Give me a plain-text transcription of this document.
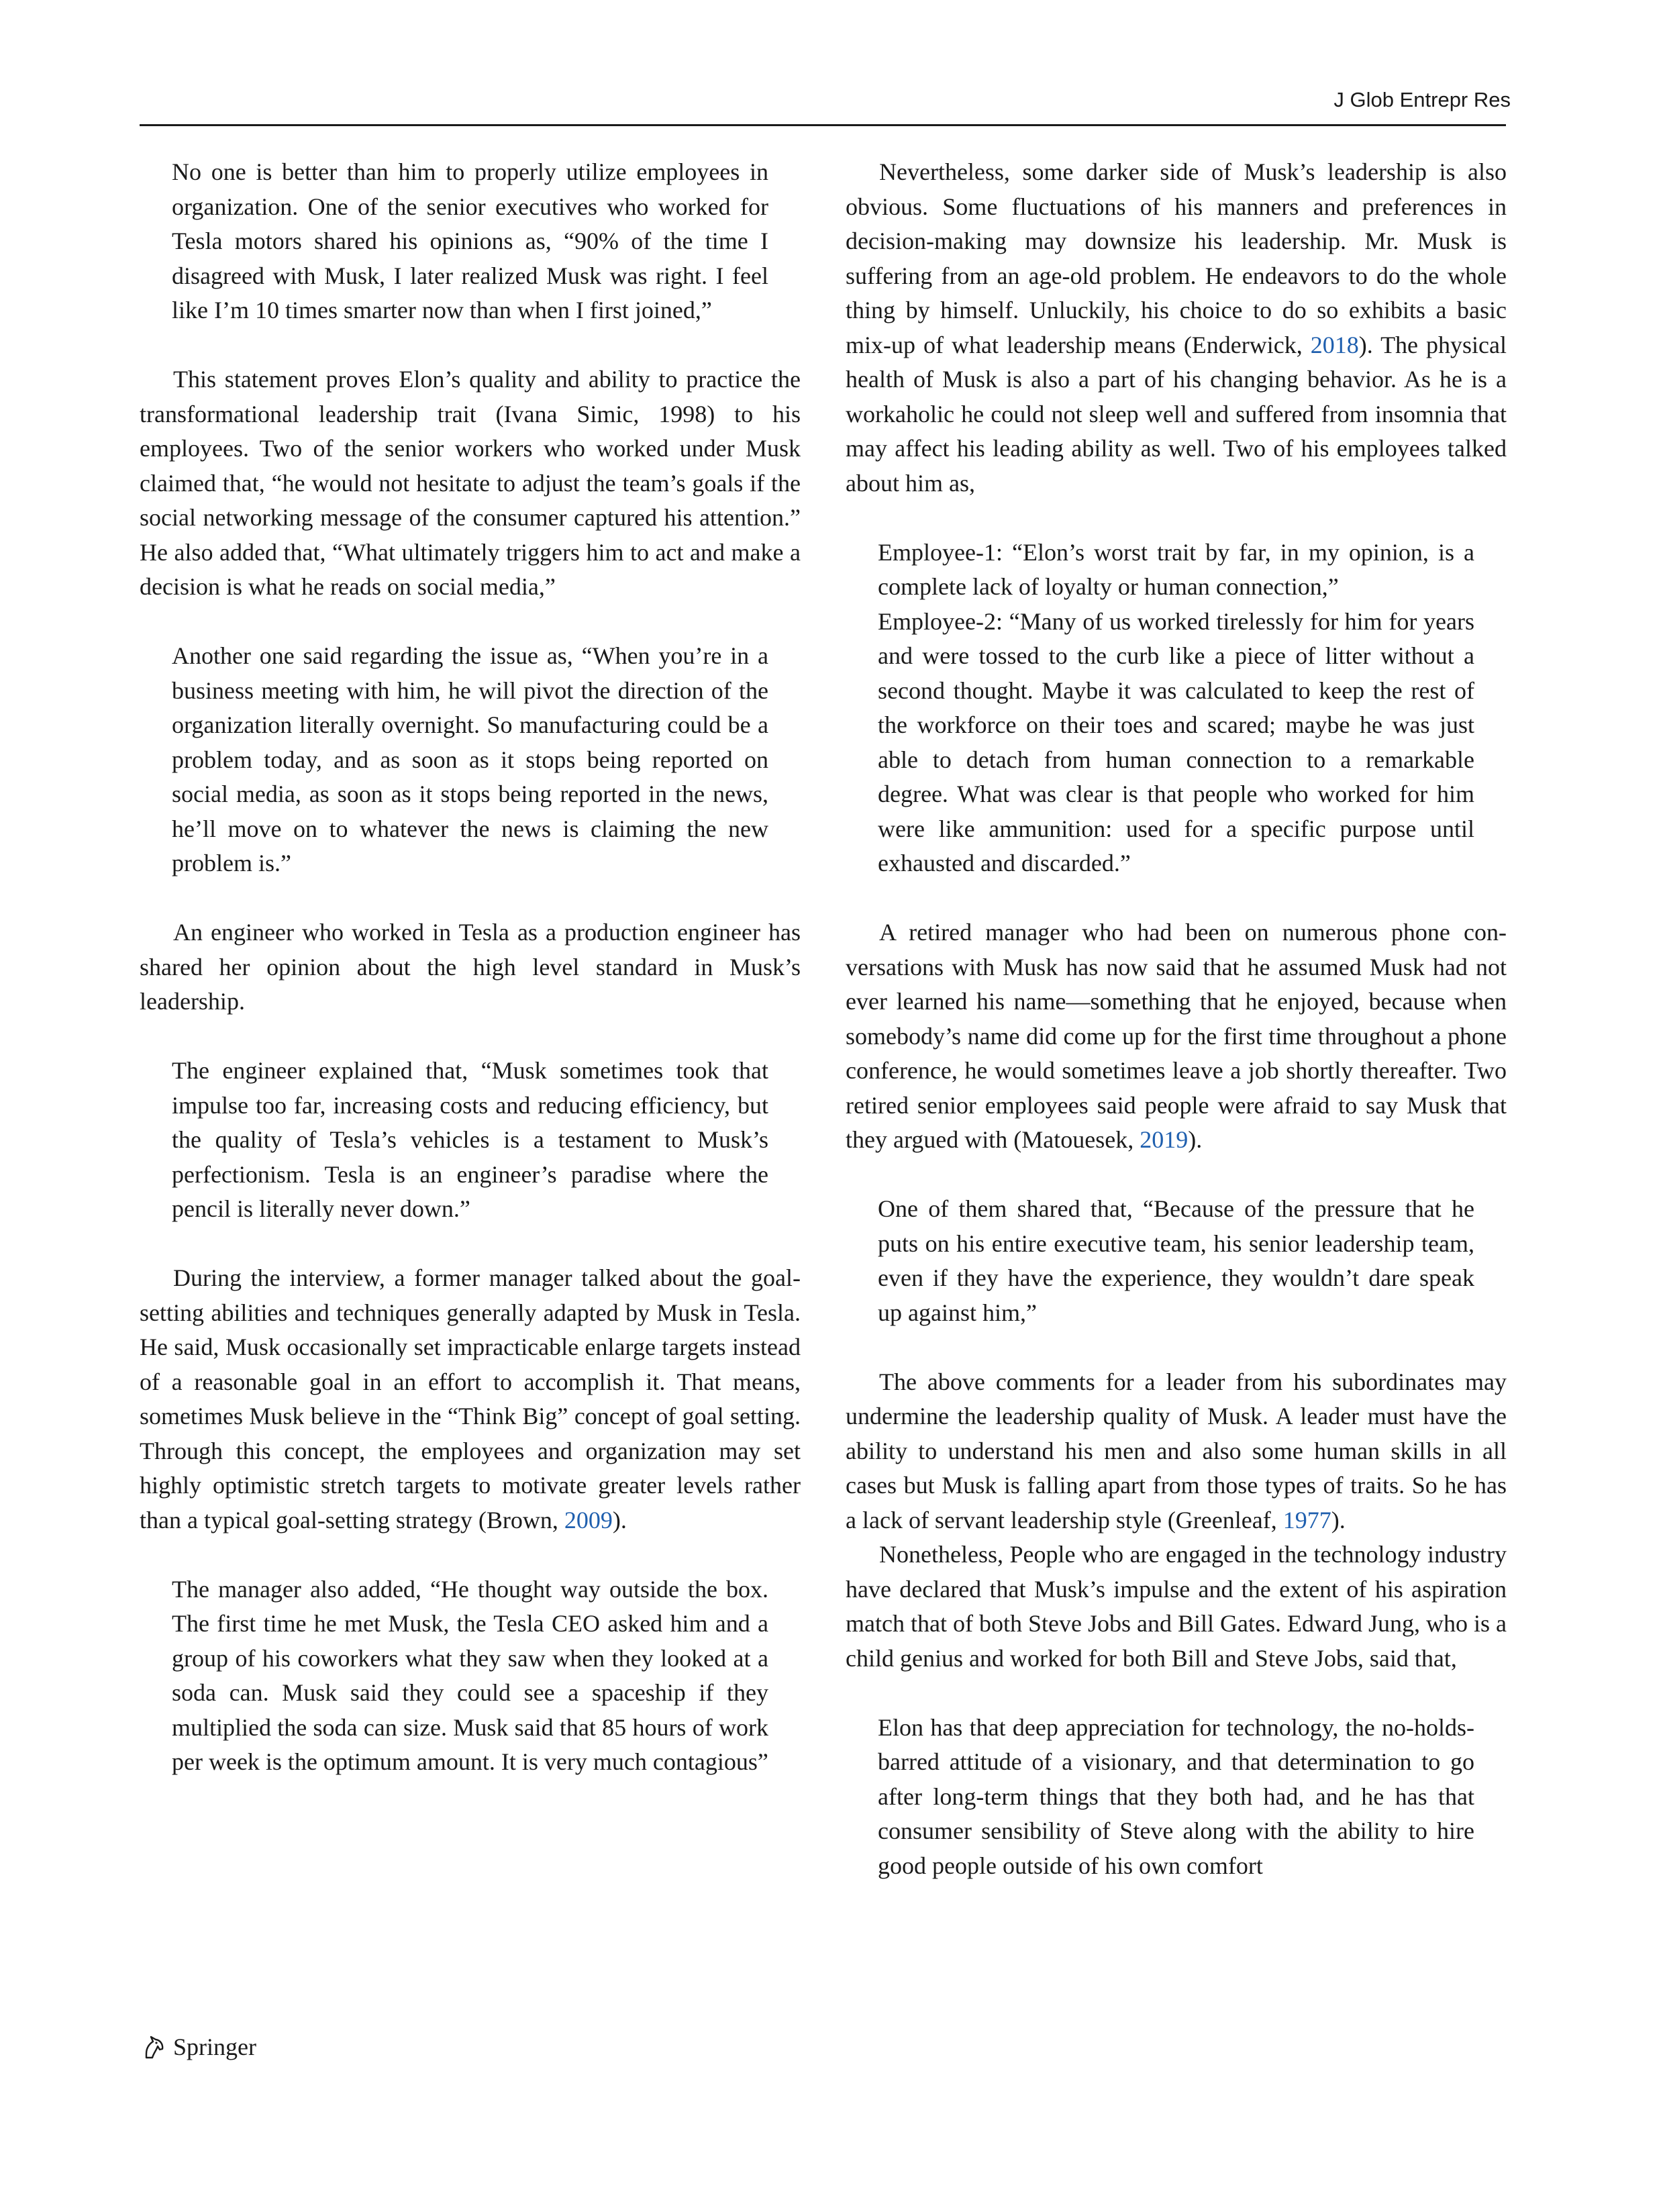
J Glob Entrepr Res

No one is better than him to properly utilize employees in organization. One of the senior executives who worked for Tesla motors shared his opinions as, “90% of the time I disagreed with Musk, I later realized Musk was right. I feel like I’m 10 times smarter now than when I first joined,”

This statement proves Elon’s quality and ability to practice the transformational leadership trait (Ivana Simic, 1998) to his employees. Two of the senior workers who worked under Musk claimed that, “he would not hesitate to adjust the team’s goals if the social networking message of the consumer captured his attention.” He also added that, “What ultimately triggers him to act and make a decision is what he reads on social media,”

Another one said regarding the issue as, “When you’re in a business meeting with him, he will pivot the direction of the organization literally overnight. So manufacturing could be a problem today, and as soon as it stops being reported on social media, as soon as it stops being reported in the news, he’ll move on to whatever the news is claiming the new problem is.”

An engineer who worked in Tesla as a production engineer has shared her opinion about the high level standard in Musk’s leadership.

The engineer explained that, “Musk sometimes took that impulse too far, increasing costs and reducing efficiency, but the quality of Tesla’s vehicles is a testament to Musk’s perfectionism. Tesla is an engineer’s paradise where the pencil is literally never down.”

During the interview, a former manager talked about the goal-setting abilities and techniques generally adapted by Musk in Tesla. He said, Musk occasionally set impracticable enlarge targets instead of a reasonable goal in an effort to accomplish it. That means, sometimes Musk believe in the “Think Big” concept of goal setting. Through this concept, the employees and organization may set highly optimistic stretch targets to motivate greater levels rather than a typical goal-setting strategy (Brown, 2009).

The manager also added, “He thought way outside the box. The first time he met Musk, the Tesla CEO asked him and a group of his coworkers what they saw when they looked at a soda can. Musk said they could see a spaceship if they multiplied the soda can size. Musk said that 85 hours of work per week is the optimum amount. It is very much contagious”

Nevertheless, some darker side of Musk’s leadership is also obvious. Some fluctuations of his manners and preferences in decision-making may downsize his leadership. Mr. Musk is suffering from an age-old problem. He endeavors to do the whole thing by himself. Unluckily, his choice to do so exhibits a basic mix-up of what leadership means (Enderwick, 2018). The physical health of Musk is also a part of his changing behavior. As he is a workaholic he could not sleep well and suffered from insomnia that may affect his leading ability as well. Two of his employees talked about him as,

Employee-1: “Elon’s worst trait by far, in my opinion, is a complete lack of loyalty or human connection,”

Employee-2: “Many of us worked tirelessly for him for years and were tossed to the curb like a piece of litter without a second thought. Maybe it was calculated to keep the rest of the workforce on their toes and scared; maybe he was just able to detach from human connection to a remarkable degree. What was clear is that people who worked for him were like ammunition: used for a specific purpose until exhausted and discarded.”

A retired manager who had been on numerous phone conversations with Musk has now said that he assumed Musk had not ever learned his name—something that he enjoyed, because when somebody’s name did come up for the first time throughout a phone conference, he would sometimes leave a job shortly thereafter. Two retired senior employees said people were afraid to say Musk that they argued with (Matouesek, 2019).

One of them shared that, “Because of the pressure that he puts on his entire executive team, his senior leadership team, even if they have the experience, they wouldn’t dare speak up against him,”

The above comments for a leader from his subordinates may undermine the leadership quality of Musk. A leader must have the ability to understand his men and also some human skills in all cases but Musk is falling apart from those types of traits. So he has a lack of servant leadership style (Greenleaf, 1977).

Nonetheless, People who are engaged in the technology industry have declared that Musk’s impulse and the extent of his aspiration match that of both Steve Jobs and Bill Gates. Edward Jung, who is a child genius and worked for both Bill and Steve Jobs, said that,

Elon has that deep appreciation for technology, the no-holds-barred attitude of a visionary, and that determination to go after long-term things that they both had, and he has that consumer sensibility of Steve along with the ability to hire good people outside of his own comfort

Springer
